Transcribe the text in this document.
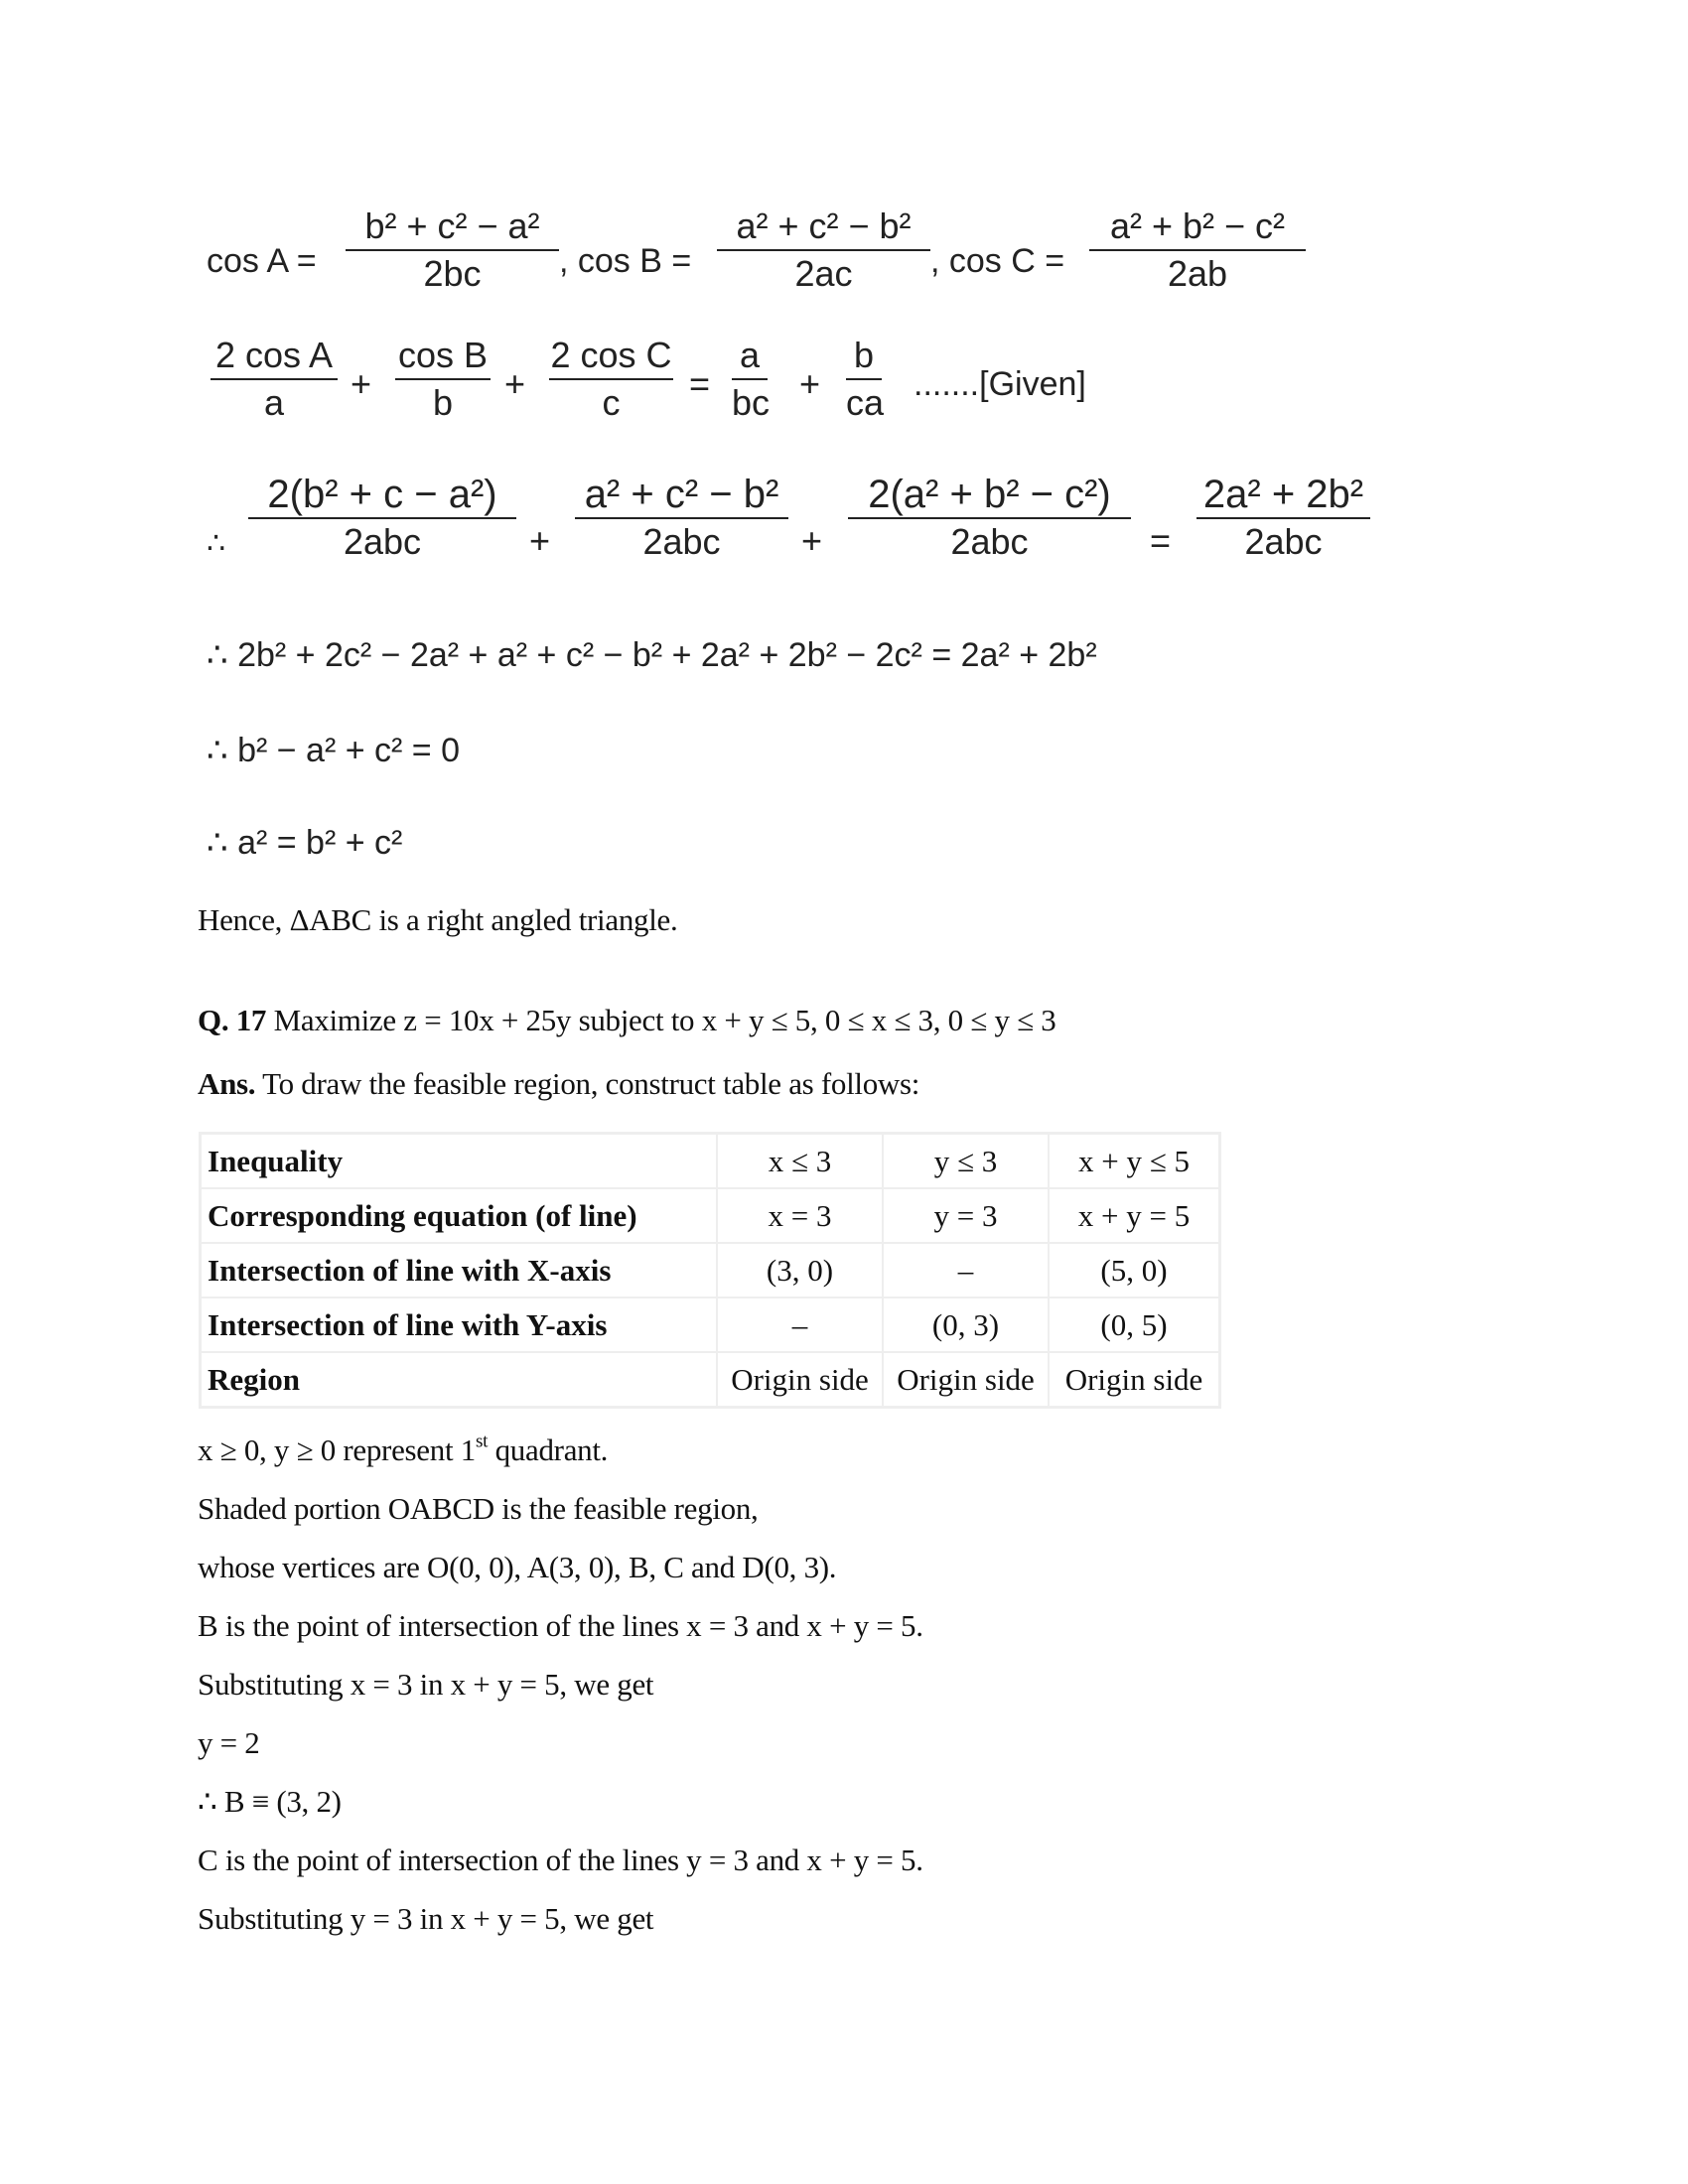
cos A =
b² + c² − a²
2bc	, cos B =
a² + c² − b²
2ac	, cos C =
a² + b² − c²
2ab
2 cos A
a	+
cos B
b	+
2 cos C
c	=
a
bc +
b
ca .......[Given]
∴
2(b² + c − a²)
2abc	+
a² + c² − b²
2abc	+
2(a² + b² − c²)
2abc	=
2a² + 2b²
2abc
∴ 2b² + 2c² − 2a² + a² + c² − b² + 2a² + 2b² − 2c² = 2a² + 2b²
∴ b² − a² + c² = 0
∴ a² = b² + c²
Hence, ΔABC is a right angled triangle.
Q. 17 Maximize z = 10x + 25y subject to x + y ≤ 5, 0 ≤ x ≤ 3, 0 ≤ y ≤ 3
Ans. To draw the feasible region, construct table as follows:
Inequality	x ≤ 3	y ≤ 3	x + y ≤ 5
Corresponding equation (of line)	x = 3	y = 3	x + y = 5
Intersection of line with X-axis	(3, 0)	–	(5, 0)
Intersection of line with Y-axis	–	(0, 3)	(0, 5)
Region	Origin side	Origin side	Origin side
x ≥ 0, y ≥ 0 represent 1st quadrant.
Shaded portion OABCD is the feasible region,
whose vertices are O(0, 0), A(3, 0), B, C and D(0, 3).
B is the point of intersection of the lines x = 3 and x + y = 5.
Substituting x = 3 in x + y = 5, we get
y = 2
∴ B ≡ (3, 2)
C is the point of intersection of the lines y = 3 and x + y = 5.
Substituting y = 3 in x + y = 5, we get
